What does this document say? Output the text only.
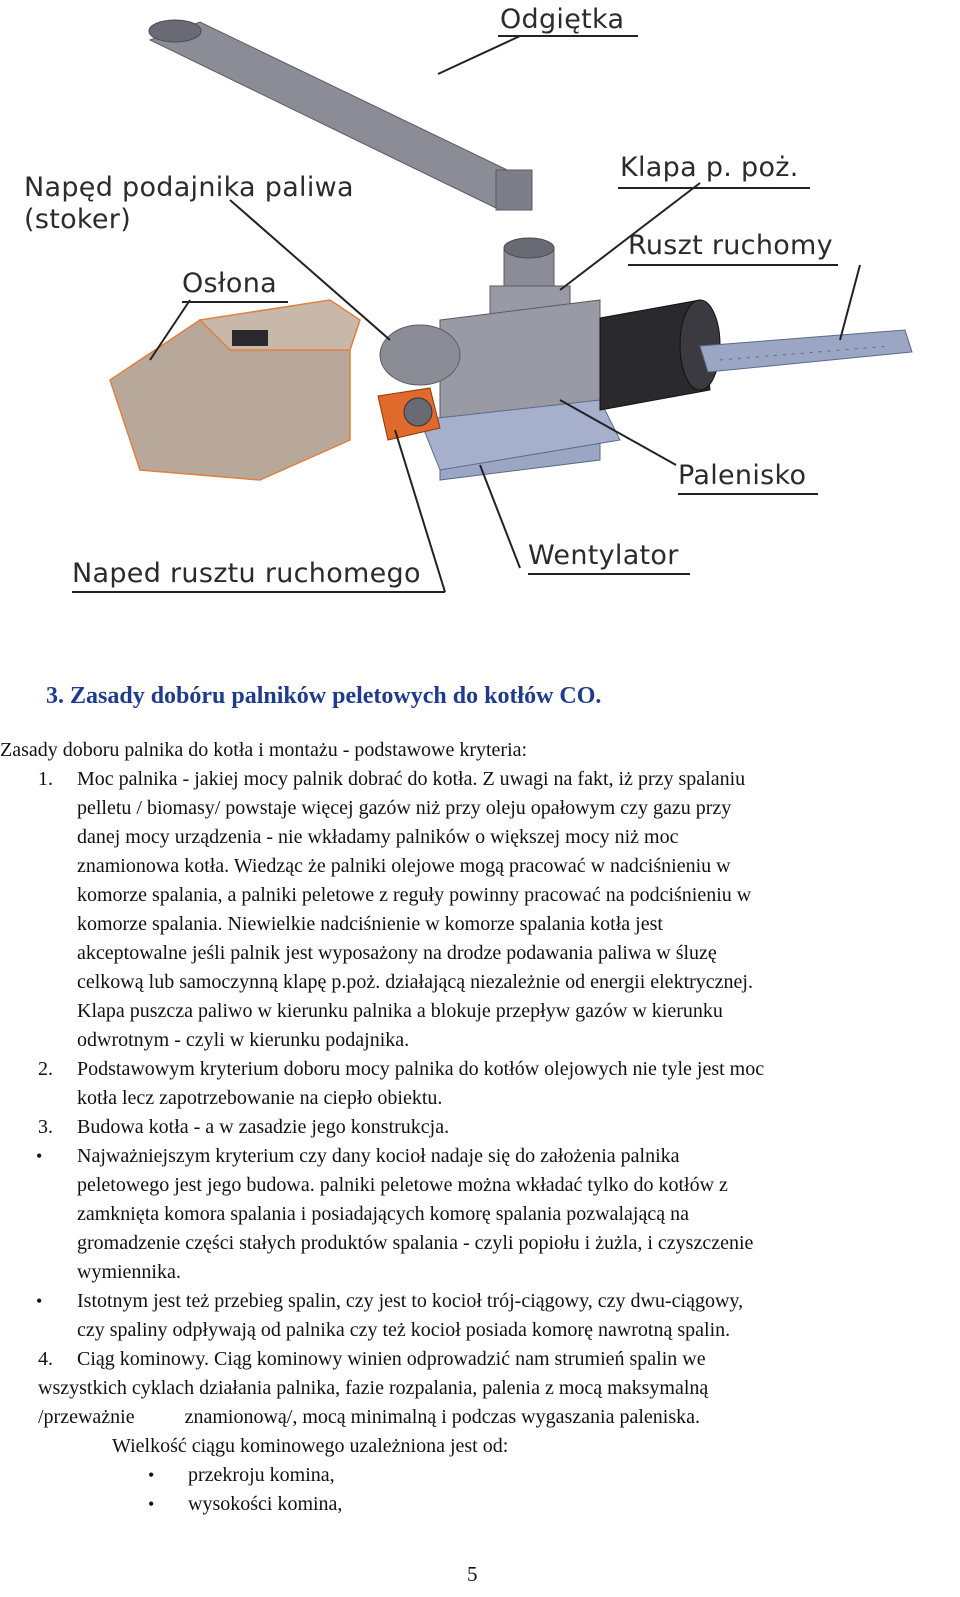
Odgiętka
Klapa p. poż.
Napęd podajnika paliwa
(stoker)
Ruszt ruchomy
Osłona
Palenisko
Wentylator
Naped rusztu ruchomego
3. Zasady dobóru palników peletowych do kotłów CO.
Zasady doboru palnika do kotła i montażu - podstawowe kryteria:
1. Moc palnika - jakiej mocy palnik dobrać do kotła. Z uwagi na fakt, iż przy spalaniu
pelletu / biomasy/ powstaje więcej gazów niż przy oleju opałowym czy gazu przy
danej mocy urządzenia - nie wkładamy palników o większej mocy niż moc
znamionowa kotła. Wiedząc że palniki olejowe mogą pracować w nadciśnieniu w
komorze spalania, a palniki peletowe z reguły powinny pracować na podciśnieniu w
komorze spalania. Niewielkie nadciśnienie w komorze spalania kotła jest
akceptowalne jeśli palnik jest wyposażony na drodze podawania paliwa w śluzę
celkową lub samoczynną klapę p.poż. działającą niezależnie od energii elektrycznej.
Klapa puszcza paliwo w kierunku palnika a blokuje przepływ gazów w kierunku
odwrotnym - czyli w kierunku podajnika.
2. Podstawowym kryterium doboru mocy palnika do kotłów olejowych nie tyle jest moc
kotła lecz zapotrzebowanie na ciepło obiektu.
3. Budowa kotła - a w zasadzie jego konstrukcja.
• Najważniejszym kryterium czy dany kocioł nadaje się do założenia palnika
peletowego jest jego budowa. palniki peletowe można wkładać tylko do kotłów z
zamknięta komora spalania i posiadających komorę spalania pozwalającą na
gromadzenie części stałych produktów spalania - czyli popiołu i żużla, i czyszczenie
wymiennika.
• Istotnym jest też przebieg spalin, czy jest to kocioł trój-ciągowy, czy dwu-ciągowy,
czy spaliny odpływają od palnika czy też kocioł posiada komorę nawrotną spalin.
4. Ciąg kominowy. Ciąg kominowy winien odprowadzić nam strumień spalin we
wszystkich cyklach działania palnika, fazie rozpalania, palenia z mocą maksymalną
/przeważnie          znamionową/, mocą minimalną i podczas wygaszania paleniska.
Wielkość ciągu kominowego uzależniona jest od:
• przekroju komina,
• wysokości komina,
5
